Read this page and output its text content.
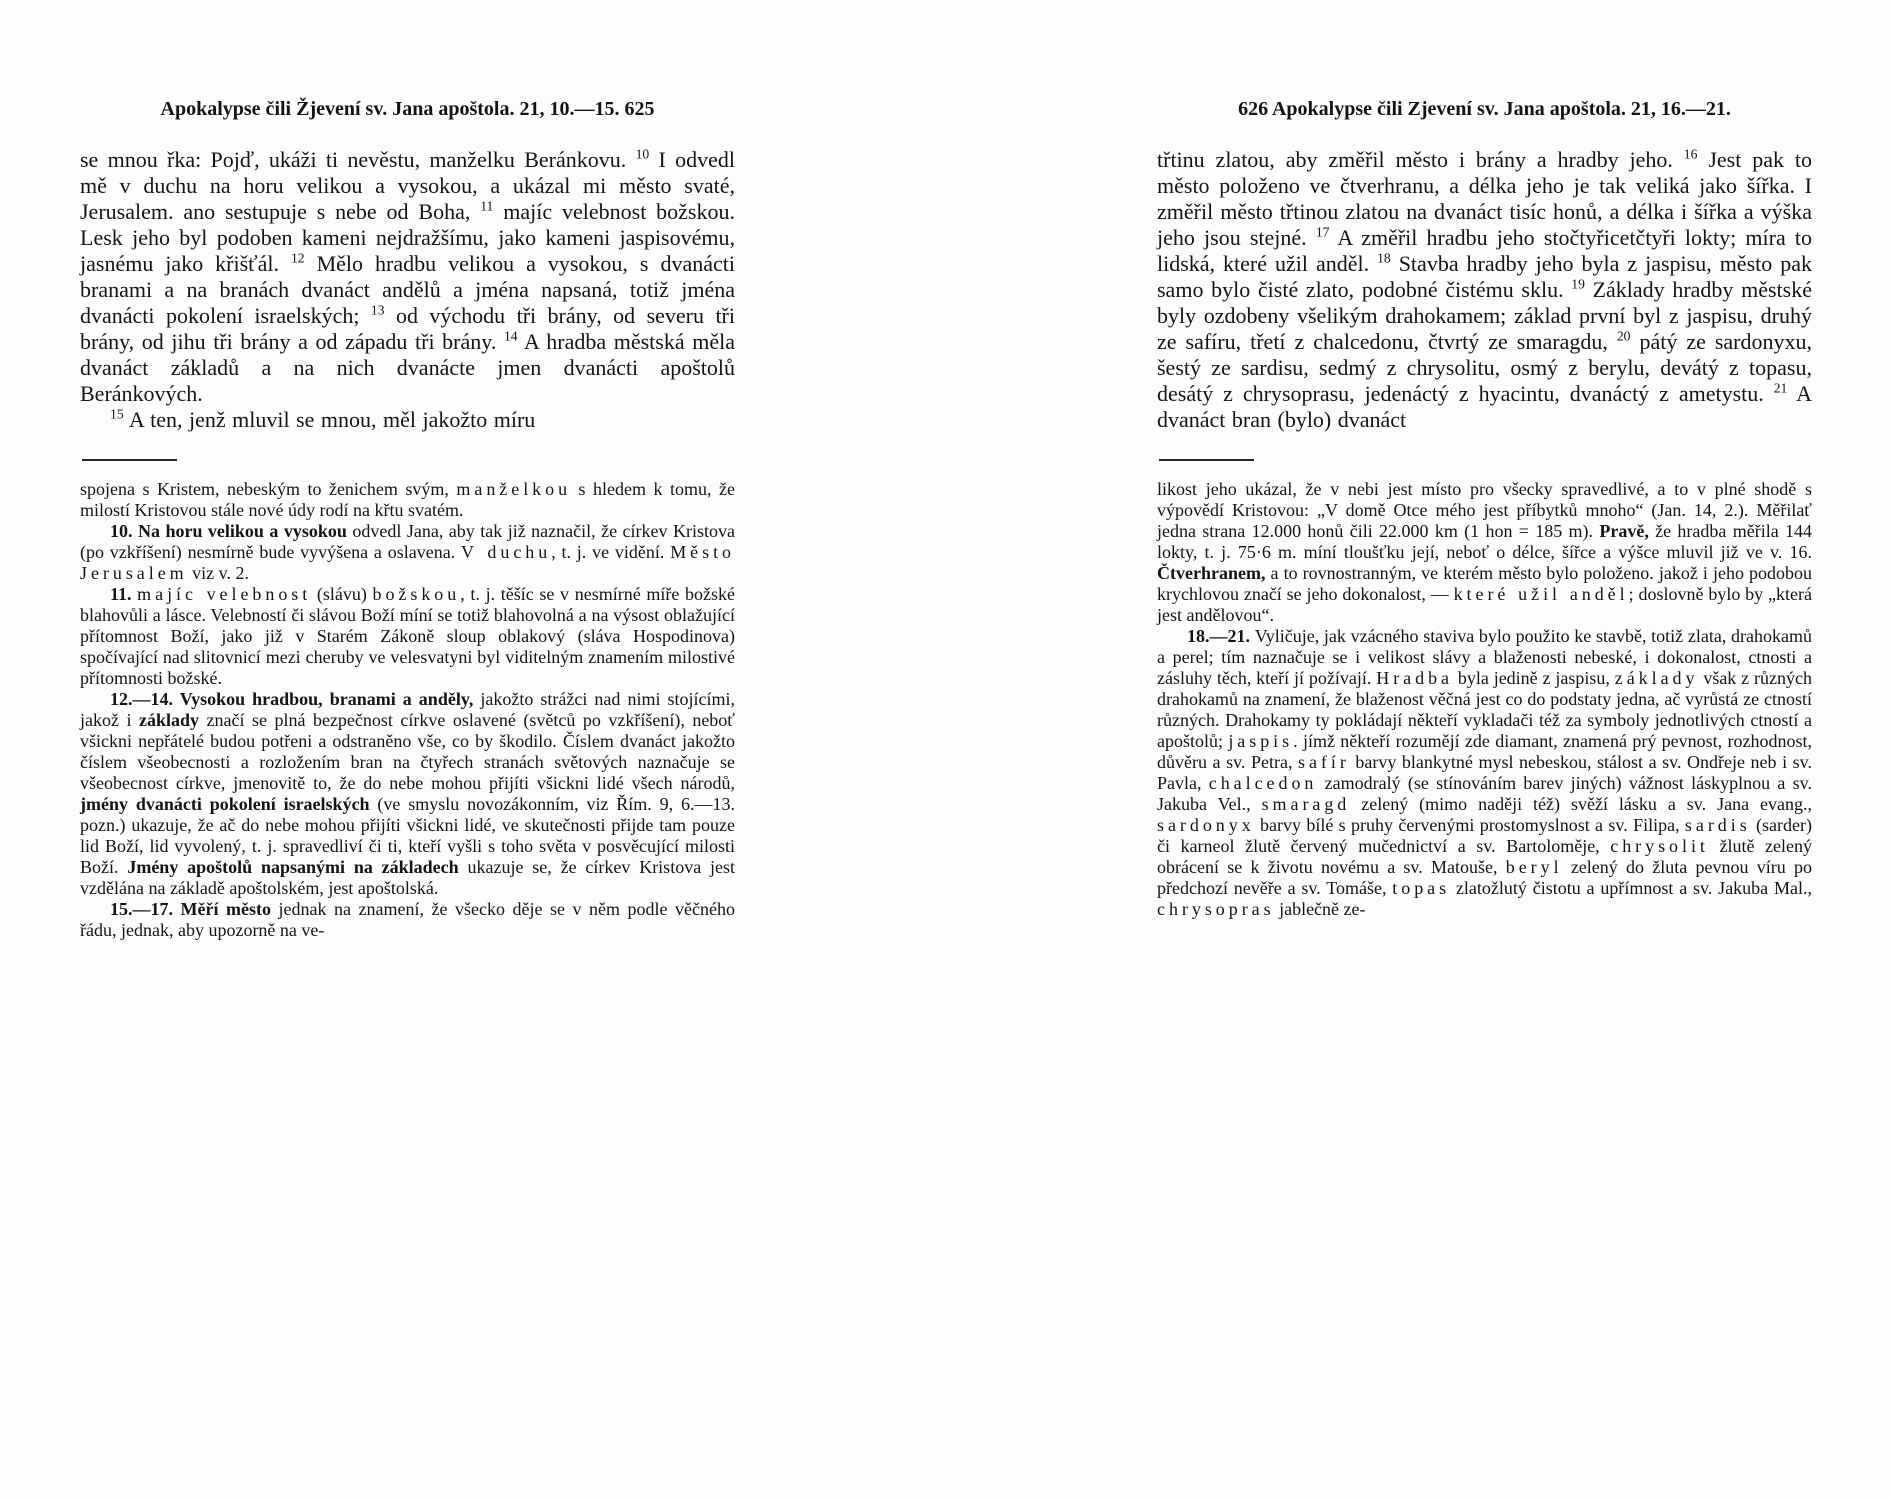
Apokalypse čili Žjevení sv. Jana apoštola. 21, 10.—15. 625

se mnou řka: Pojď, ukáži ti nevěstu, manželku Beránkovu. $^{10}$ I odvedl mě v duchu na horu velikou a vysokou, a ukázal mi město svaté, Jerusalem. ano sestupuje s nebe od Boha, $^{11}$ majíc velebnost božskou. Lesk jeho byl podoben kameni nejdražšímu, jako kameni jaspisovému, jasnému jako křišťál. $^{12}$ Mělo hradbu velikou a vysokou, s dvanácti branami a na branách dvanáct andělů a jména napsaná, totiž jména dvanácti pokolení israelských; $^{13}$ od východu tři brány, od severu tři brány, od jihu tři brány a od západu tři brány. $^{14}$ A hradba městská měla dvanáct základů a na nich dvanácte jmen dvanácti apoštolů Beránkových.

$^{15}$ A ten, jenž mluvil se mnou, měl jakožto míru

spojena s Kristem, nebeským to ženichem svým, manželkou s hledem k tomu, že milostí Kristovou stále nové údy rodí na křtu svatém.

10. Na horu velikou a vysokou odvedl Jana, aby tak již naznačil, že církev Kristova (po vzkříšení) nesmírně bude vyvýšena a oslavena. V duchu, t. j. ve vidění. Město Jerusalem viz v. 2.

11. majíc velebnost (slávu) božskou, t. j. těšíc se v nesmírné míře božské blahovůli a lásce. Velebností či slávou Boží míní se totiž blahovolná a na výsost oblažující přítomnost Boží, jako již v Starém Zákoně sloup oblakový (sláva Hospodinova) spočívající nad slitovnicí mezi cheruby ve velesvatyni byl viditelným znamením milostivé přítomnosti božské.

12.—14. Vysokou hradbou, branami a anděly, jakožto strážci nad nimi stojícími, jakož i základy značí se plná bezpečnost církve oslavené (světců po vzkříšení), neboť všickni nepřátelé budou potřeni a odstraněno vše, co by škodilo. Číslem dvanáct jakožto číslem všeobecnosti a rozložením bran na čtyřech stranách světových naznačuje se všeobecnost církve, jmenovitě to, že do nebe mohou přijíti všickni lidé všech národů, jmény dvanácti pokolení israelských (ve smyslu novozákonním, viz Řím. 9, 6.—13. pozn.) ukazuje, že ač do nebe mohou přijíti všickni lidé, ve skutečnosti přijde tam pouze lid Boží, lid vyvolený, t. j. spravedliví či ti, kteří vyšli s toho světa v posvěcující milosti Boží. Jmény apoštolů napsanými na základech ukazuje se, že církev Kristova jest vzdělána na základě apoštolském, jest apoštolská.

15.—17. Měří město jednak na znamení, že všecko děje se v něm podle věčného řádu, jednak, aby upozorně na ve-

626 Apokalypse čili Zjevení sv. Jana apoštola. 21, 16.—21.

třtinu zlatou, aby změřil město i brány a hradby jeho. $^{16}$ Jest pak to město položeno ve čtverhranu, a délka jeho je tak veliká jako šířka. I změřil město třtinou zlatou na dvanáct tisíc honů, a délka i šířka a výška jeho jsou stejné. $^{17}$ A změřil hradbu jeho stočtyřicetčtyři lokty; míra to lidská, které užil anděl. $^{18}$ Stavba hradby jeho byla z jaspisu, město pak samo bylo čisté zlato, podobné čistému sklu. $^{19}$ Základy hradby městské byly ozdobeny všelikým drahokamem; základ první byl z jaspisu, druhý ze safíru, třetí z chalcedonu, čtvrtý ze smaragdu, $^{20}$ pátý ze sardonyxu, šestý ze sardisu, sedmý z chrysolitu, osmý z berylu, devátý z topasu, desátý z chrysoprasu, jedenáctý z hyacintu, dvanáctý z ametystu. $^{21}$ A dvanáct bran (bylo) dvanáct

likost jeho ukázal, že v nebi jest místo pro všecky spravedlivé, a to v plné shodě s výpovědí Kristovou: „V domě Otce mého jest příbytků mnoho“ (Jan. 14, 2.). Měřilať jedna strana 12.000 honů čili 22.000 km (1 hon = 185 m). Pravě, že hradba měřila 144 lokty, t. j. 75·6 m. míní tloušťku její, neboť o délce, šířce a výšce mluvil již ve v. 16. Čtverhranem, a to rovnostranným, ve kterém město bylo položeno. jakož i jeho podobou krychlovou značí se jeho dokonalost, — které užil anděl; doslovně bylo by „která jest andělovou“.

18.—21. Vyličuje, jak vzácného staviva bylo použito ke stavbě, totiž zlata, drahokamů a perel; tím naznačuje se i velikost slávy a blaženosti nebeské, i dokonalost, ctnosti a zásluhy těch, kteří jí požívají. Hradba byla jedině z jaspisu, základy však z různých drahokamů na znamení, že blaženost věčná jest co do podstaty jedna, ač vyrůstá ze ctností různých. Drahokamy ty pokládají někteří vykladači též za symboly jednotlivých ctností a apoštolů; jaspis. jímž někteří rozumějí zde diamant, znamená prý pevnost, rozhodnost, důvěru a sv. Petra, safír barvy blankytné mysl nebeskou, stálost a sv. Ondřeje neb i sv. Pavla, chalcedon zamodralý (se stínováním barev jiných) vážnost láskyplnou a sv. Jakuba Vel., smaragd zelený (mimo naději též) svěží lásku a sv. Jana evang., sardonyx barvy bílé s pruhy červenými prostomyslnost a sv. Filipa, sardis (sarder) či karneol žlutě červený mučednictví a sv. Bartoloměje, chrysolit žlutě zelený obrácení se k životu novému a sv. Matouše, beryl zelený do žluta pevnou víru po předchozí nevěře a sv. Tomáše, topas zlatožlutý čistotu a upřímnost a sv. Jakuba Mal., chrysopras jablečně ze-
